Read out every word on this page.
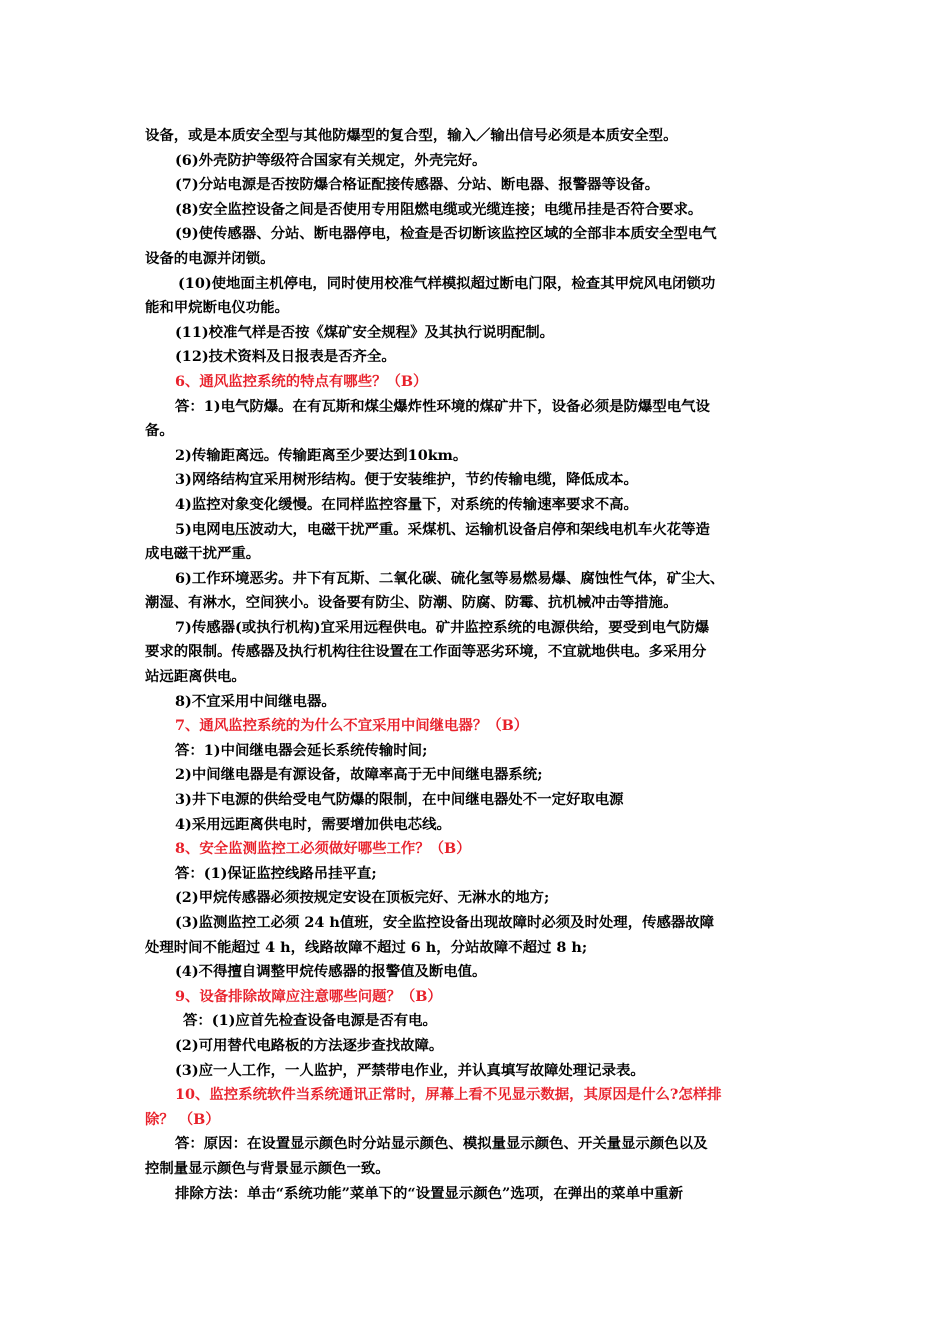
设备，或是本质安全型与其他防爆型的复合型，输入／输出信号必须是本质安全型。
(6)外壳防护等级符合国家有关规定，外壳完好。
(7)分站电源是否按防爆合格证配接传感器、分站、断电器、报警器等设备。
(8)安全监控设备之间是否使用专用阻燃电缆或光缆连接；电缆吊挂是否符合要求。
(9)使传感器、分站、断电器停电，检查是否切断该监控区域的全部非本质安全型电气
设备的电源并闭锁。
(10)使地面主机停电，同时使用校准气样模拟超过断电门限，检查其甲烷风电闭锁功
能和甲烷断电仪功能。
(11)校准气样是否按《煤矿安全规程》及其执行说明配制。
(12)技术资料及日报表是否齐全。
6、通风监控系统的特点有哪些？（B）
答：1)电气防爆。在有瓦斯和煤尘爆炸性环境的煤矿井下，设备必须是防爆型电气设
备。
2)传输距离远。传输距离至少要达到10km。
3)网络结构宜采用树形结构。便于安装维护，节约传输电缆，降低成本。
4)监控对象变化缓慢。在同样监控容量下，对系统的传输速率要求不高。
5)电网电压波动大，电磁干扰严重。采煤机、运输机设备启停和架线电机车火花等造
成电磁干扰严重。
6)工作环境恶劣。井下有瓦斯、二氧化碳、硫化氢等易燃易爆、腐蚀性气体，矿尘大、
潮湿、有淋水，空间狭小。设备要有防尘、防潮、防腐、防霉、抗机械冲击等措施。
7)传感器(或执行机构)宜采用远程供电。矿井监控系统的电源供给，要受到电气防爆
要求的限制。传感器及执行机构往往设置在工作面等恶劣环境，不宜就地供电。多采用分
站远距离供电。
8)不宜采用中间继电器。
7、通风监控系统的为什么不宜采用中间继电器？（B）
答：1)中间继电器会延长系统传输时间;
2)中间继电器是有源设备，故障率高于无中间继电器系统;
3)井下电源的供给受电气防爆的限制，在中间继电器处不一定好取电源
4)采用远距离供电时，需要增加供电芯线。
8、安全监测监控工必须做好哪些工作？（B）
答：(1)保证监控线路吊挂平直;
(2)甲烷传感器必须按规定安设在顶板完好、无淋水的地方;
(3)监测监控工必须 24 h值班，安全监控设备出现故障时必须及时处理，传感器故障
处理时间不能超过 4 h，线路故障不超过 6 h，分站故障不超过 8 h;
(4)不得擅自调整甲烷传感器的报警值及断电值。
9、设备排除故障应注意哪些问题？（B）
答：(1)应首先检查设备电源是否有电。
(2)可用替代电路板的方法逐步查找故障。
(3)应一人工作，一人监护，严禁带电作业，并认真填写故障处理记录表。
10、监控系统软件当系统通讯正常时，屏幕上看不见显示数据，其原因是什么?怎样排
除？ （B）
答：原因：在设置显示颜色时分站显示颜色、模拟量显示颜色、开关量显示颜色以及
控制量显示颜色与背景显示颜色一致。
排除方法：单击“系统功能”菜单下的“设置显示颜色”选项，在弹出的菜单中重新
